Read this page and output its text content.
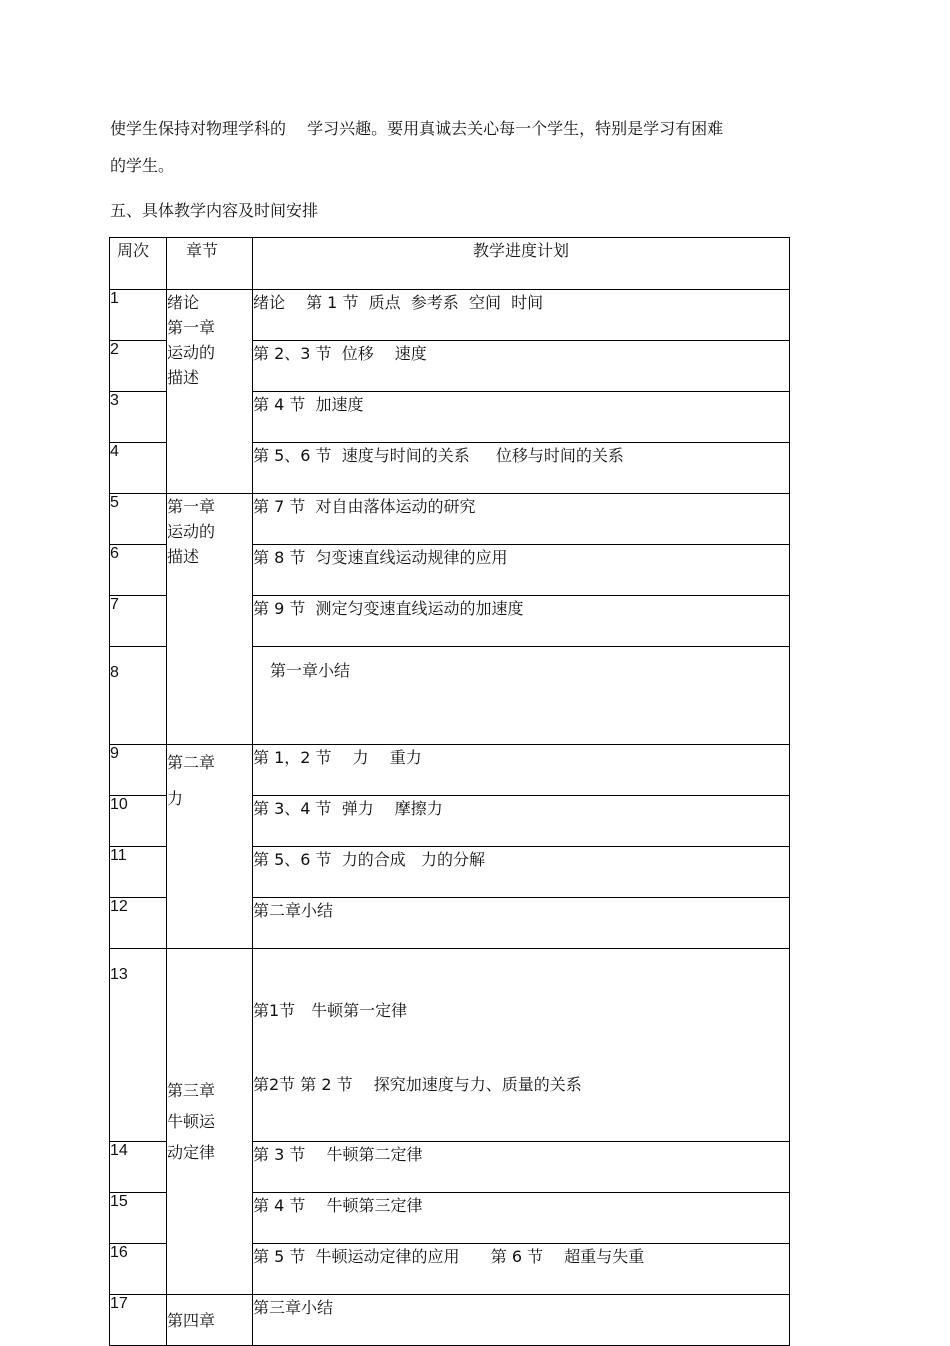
使学生保持对物理学科的　 学习兴趣。要用真诚去关心每一个学生，特别是学习有困难
的学生。
五、具体教学内容及时间安排
周次	章节	教学进度计划
1	绪论
第一章
运动的
描述	绪论　 第 1 节  质点  参考系  空间  时间
2		第 2、3 节  位移　 速度
3		第 4 节  加速度
4		第 5、6 节  速度与时间的关系　  位移与时间的关系
5	第一章
运动的
描述	第 7 节  对自由落体运动的研究
6		第 8 节  匀变速直线运动规律的应用
7		第 9 节  测定匀变速直线运动的加速度
8		第一章小结
9	第二章
力	第 1，2 节　 力　 重力
10		第 3、4 节  弹力　 摩擦力
11		第 5、6 节  力的合成   力的分解
12		第二章小结
13	第三章
牛顿运
动定律	第1节　牛顿第一定律

第2节 第 2 节　 探究加速度与力、质量的关系

14		第 3 节　 牛顿第二定律
15		第 4 节　 牛顿第三定律
16		第 5 节  牛顿运动定律的应用　   第 6 节　 超重与失重
17	第四章	第三章小结
